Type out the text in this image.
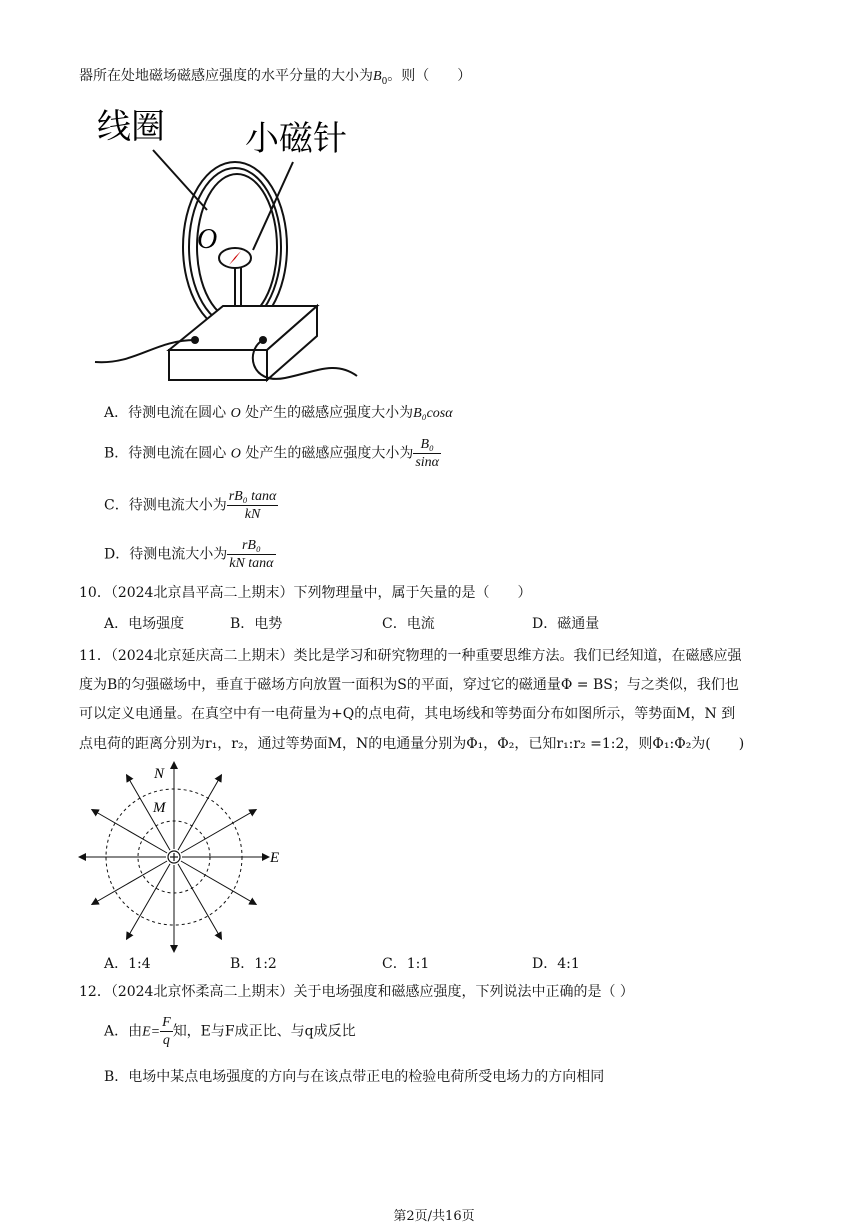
器所在处地磁场磁感应强度的水平分量的大小为$B_0$。则（　　）
线圈 小磁针
O
A．待测电流在圆心 O 处产生的磁感应强度大小为B₀cosα
B．待测电流在圆心 O 处产生的磁感应强度大小为 $\frac{\text{B₀}}{\sin\alpha}$
C．待测电流大小为 $\frac{\text{rB₀ tanα}}{kN}$
D．待测电流大小为 $\frac{\text{rB₀}}{\text{kN tanα}}$
10．（2024北京昌平高二上期末）下列物理量中，属于矢量的是（　　）
A．电场强度	B．电势	C．电流	D．磁通量
11．（2024北京延庆高二上期末）类比是学习和研究物理的一种重要思维方法。我们已经知道，在磁感应强
度为B的匀强磁场中，垂直于磁场方向放置一面积为S的平面，穿过它的磁通量Φ = BS；与之类似，我们也
可以定义电通量。在真空中有一电荷量为+Q的点电荷，其电场线和等势面分布如图所示，等势面M，N 到
点电荷的距离分别为r₁，r₂，通过等势面M，N的电通量分别为Φ₁，Φ₂，已知r₁:r₂ =1:2，则Φ₁:Φ₂为(　　)
N
M
E
A．1:4	B．1:2	C．1:1	D．4:1
12．（2024北京怀柔高二上期末）关于电场强度和磁感应强度，下列说法中正确的是（ ）
A．由$E= \frac{F}{q}$ 知，E与F成正比、与q成反比
B．电场中某点电场强度的方向与在该点带正电的检验电荷所受电场力的方向相同
第2页/共16页
